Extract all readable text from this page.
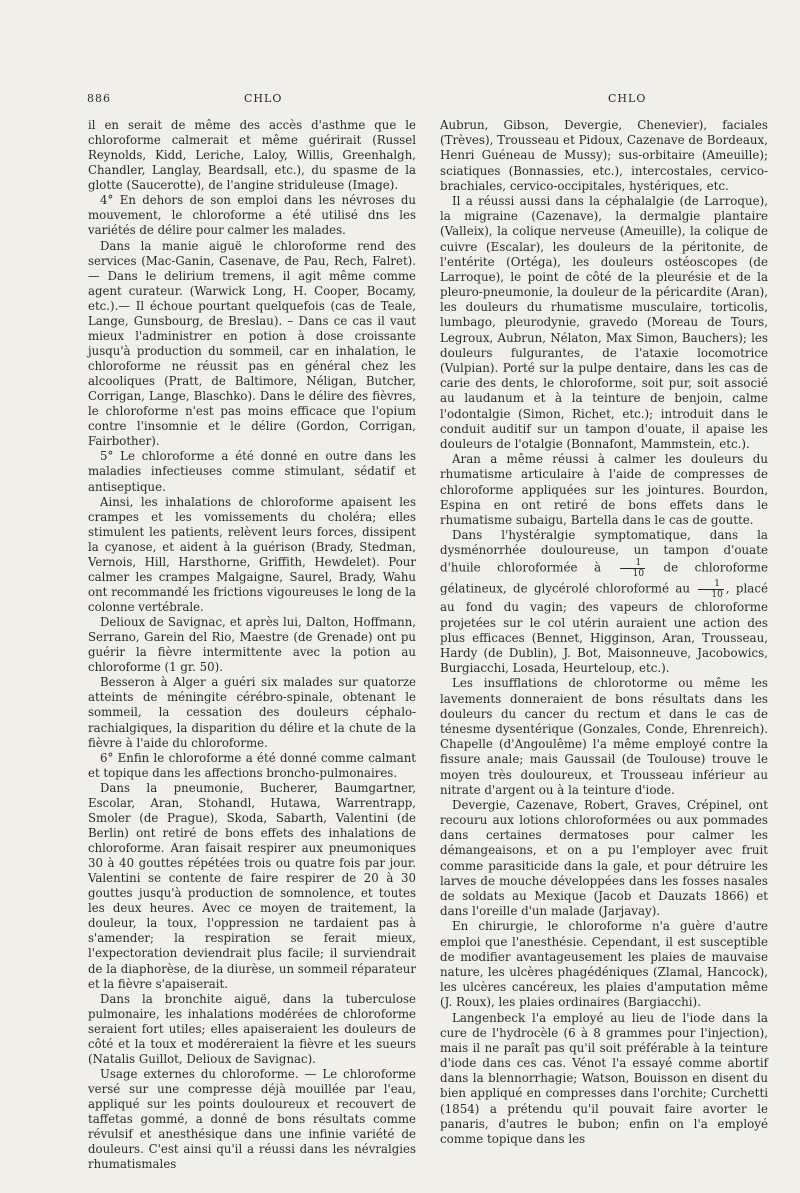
886	CHLO	CHLO

il en serait de même des accès d'asthme que le chloroforme calmerait et même guérirait (Russel Reynolds, Kidd, Leriche, Laloy, Willis, Greenhalgh, Chandler, Langlay, Beardsall, etc.), du spasme de la glotte (Saucerotte), de l'angine striduleuse (Image).

4° En dehors de son emploi dans les névroses du mouvement, le chloroforme a été utilisé dns les variétés de délire pour calmer les malades.

Dans la manie aiguë le chloroforme rend des services (Mac-Ganin, Casenave, de Pau, Rech, Falret). — Dans le delirium tremens, il agit même comme agent curateur. (Warwick Long, H. Cooper, Bocamy, etc.).— Il échoue pourtant quelquefois (cas de Teale, Lange, Gunsbourg, de Breslau). – Dans ce cas il vaut mieux l'administrer en potion à dose croissante jusqu'à production du sommeil, car en inhalation, le chloroforme ne réussit pas en général chez les alcooliques (Pratt, de Baltimore, Néligan, Butcher, Corrigan, Lange, Blaschko). Dans le délire des fièvres, le chloroforme n'est pas moins efficace que l'opium contre l'insomnie et le délire (Gordon, Corrigan, Fairbother).

5° Le chloroforme a été donné en outre dans les maladies infectieuses comme stimulant, sédatif et antiseptique.

Ainsi, les inhalations de chloroforme apaisent les crampes et les vomissements du choléra; elles stimulent les patients, relèvent leurs forces, dissipent la cyanose, et aident à la guérison (Brady, Stedman, Vernois, Hill, Harsthorne, Griffith, Hewdelet). Pour calmer les crampes Malgaigne, Saurel, Brady, Wahu ont recommandé les frictions vigoureuses le long de la colonne vertébrale.

Delioux de Savignac, et après lui, Dalton, Hoffmann, Serrano, Garein del Rio, Maestre (de Grenade) ont pu guérir la fièvre intermittente avec la potion au chloroforme (1 gr. 50).

Besseron à Alger a guéri six malades sur quatorze atteints de méningite cérébro-spinale, obtenant le sommeil, la cessation des douleurs céphalo-rachialgiques, la disparition du délire et la chute de la fièvre à l'aide du chloroforme.

6° Enfin le chloroforme a été donné comme calmant et topique dans les affections broncho-pulmonaires.

Dans la pneumonie, Bucherer, Baumgartner, Escolar, Aran, Stohandl, Hutawa, Warrentrapp, Smoler (de Prague), Skoda, Sabarth, Valentini (de Berlin) ont retiré de bons effets des inhalations de chloroforme. Aran faisait respirer aux pneumoniques 30 à 40 gouttes répétées trois ou quatre fois par jour. Valentini se contente de faire respirer de 20 à 30 gouttes jusqu'à production de somnolence, et toutes les deux heures. Avec ce moyen de traitement, la douleur, la toux, l'oppression ne tardaient pas à s'amender; la respiration se ferait mieux, l'expectoration deviendrait plus facile; il surviendrait de la diaphorèse, de la diurèse, un sommeil réparateur et la fièvre s'apaiserait.

Dans la bronchite aiguë, dans la tuberculose pulmonaire, les inhalations modérées de chloroforme seraient fort utiles; elles apaiseraient les douleurs de côté et la toux et modéreraient la fièvre et les sueurs (Natalis Guillot, Delioux de Savignac).

Usage externes du chloroforme. — Le chloroforme versé sur une compresse déjà mouillée par l'eau, appliqué sur les points douloureux et recouvert de taffetas gommé, a donné de bons résultats comme révulsif et anesthésique dans une infinie variété de douleurs. C'est ainsi qu'il a réussi dans les névralgies rhumatismales

Aubrun, Gibson, Devergie, Chenevier), faciales (Trèves), Trousseau et Pidoux, Cazenave de Bordeaux, Henri Guéneau de Mussy); sus-orbitaire (Ameuille); sciatiques (Bonnassies, etc.), intercostales, cervico-brachiales, cervico-occipitales, hystériques, etc.

Il a réussi aussi dans la céphalalgie (de Larroque), la migraine (Cazenave), la dermalgie plantaire (Valleix), la colique nerveuse (Ameuille), la colique de cuivre (Escalar), les douleurs de la péritonite, de l'entérite (Ortéga), les douleurs ostéoscopes (de Larroque), le point de côté de la pleurésie et de la pleuro-pneumonie, la douleur de la péricardite (Aran), les douleurs du rhumatisme musculaire, torticolis, lumbago, pleurodynie, gravedo (Moreau de Tours, Legroux, Aubrun, Nélaton, Max Simon, Bauchers); les douleurs fulgurantes, de l'ataxie locomotrice (Vulpian). Porté sur la pulpe dentaire, dans les cas de carie des dents, le chloroforme, soit pur, soit associé au laudanum et à la teinture de benjoin, calme l'odontalgie (Simon, Richet, etc.); introduit dans le conduit auditif sur un tampon d'ouate, il apaise les douleurs de l'otalgie (Bonnafont, Mammstein, etc.).

Aran a même réussi à calmer les douleurs du rhumatisme articulaire à l'aide de compresses de chloroforme appliquées sur les jointures. Bourdon, Espina en ont retiré de bons effets dans le rhumatisme subaigu, Bartella dans le cas de goutte.

Dans l'hystéralgie symptomatique, dans la dysménorrhée douloureuse, un tampon d'ouate d'huile chloroformée à $\frac{1}{10}$ de chloroforme gélatineux, de glycérolé chloroformé au $\frac{1}{10}$ , placé au fond du vagin; des vapeurs de chloroforme projetées sur le col utérin auraient une action des plus efficaces (Bennet, Higginson, Aran, Trousseau, Hardy (de Dublin), J. Bot, Maisonneuve, Jacobowics, Burgiacchi, Losada, Heurteloup, etc.).

Les insufflations de chlorotorme ou même les lavements donneraient de bons résultats dans les douleurs du cancer du rectum et dans le cas de ténesme dysentérique (Gonzales, Conde, Ehrenreich). Chapelle (d'Angoulême) l'a même employé contre la fissure anale; mais Gaussail (de Toulouse) trouve le moyen très douloureux, et Trousseau inférieur au nitrate d'argent ou à la teinture d'iode.

Devergie, Cazenave, Robert, Graves, Crépinel, ont recouru aux lotions chloroformées ou aux pommades dans certaines dermatoses pour calmer les démangeaisons, et on a pu l'employer avec fruit comme parasiticide dans la gale, et pour détruire les larves de mouche développées dans les fosses nasales de soldats au Mexique (Jacob et Dauzats 1866) et dans l'oreille d'un malade (Jarjavay).

En chirurgie, le chloroforme n'a guère d'autre emploi que l'anesthésie. Cependant, il est susceptible de modifier avantageusement les plaies de mauvaise nature, les ulcères phagédéniques (Zlamal, Hancock), les ulcères cancéreux, les plaies d'amputation même (J. Roux), les plaies ordinaires (Bargiacchi).

Langenbeck l'a employé au lieu de l'iode dans la cure de l'hydrocèle (6 à 8 grammes pour l'injection), mais il ne paraît pas qu'il soit préférable à la teinture d'iode dans ces cas. Vénot l'a essayé comme abortif dans la blennorrhagie; Watson, Bouisson en disent du bien appliqué en compresses dans l'orchite; Curchetti (1854) a prétendu qu'il pouvait faire avorter le panaris, d'autres le bubon; enfin on l'a employé comme topique dans les
